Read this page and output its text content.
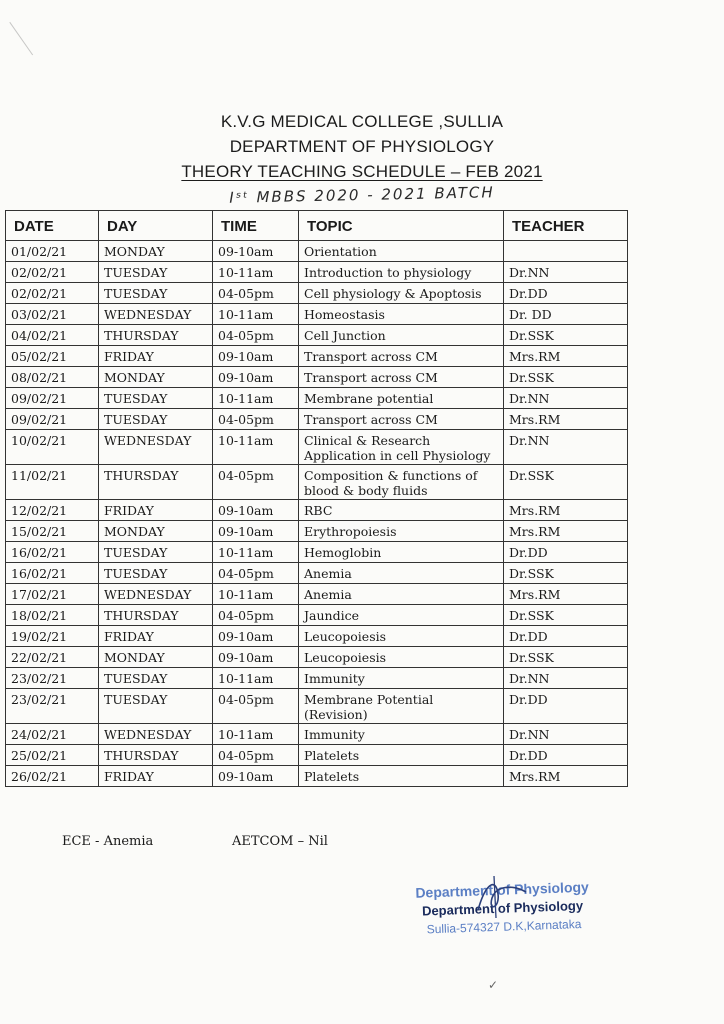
K.V.G MEDICAL COLLEGE ,SULLIA
DEPARTMENT OF PHYSIOLOGY
THEORY TEACHING SCHEDULE – FEB 2021
Iˢᵗ MBBS 2020 - 2021 BATCH
DATE	DAY	TIME	TOPIC	TEACHER
01/02/21	MONDAY	09-10am	Orientation	
02/02/21	TUESDAY	10-11am	Introduction to physiology	Dr.NN
02/02/21	TUESDAY	04-05pm	Cell physiology & Apoptosis	Dr.DD
03/02/21	WEDNESDAY	10-11am	Homeostasis	Dr. DD
04/02/21	THURSDAY	04-05pm	Cell Junction	Dr.SSK
05/02/21	FRIDAY	09-10am	Transport across CM	Mrs.RM
08/02/21	MONDAY	09-10am	Transport across CM	Dr.SSK
09/02/21	TUESDAY	10-11am	Membrane potential	Dr.NN
09/02/21	TUESDAY	04-05pm	Transport across CM	Mrs.RM
10/02/21	WEDNESDAY	10-11am	Clinical & Research Application in cell Physiology	Dr.NN
11/02/21	THURSDAY	04-05pm	Composition & functions of blood & body fluids	Dr.SSK
12/02/21	FRIDAY	09-10am	RBC	Mrs.RM
15/02/21	MONDAY	09-10am	Erythropoiesis	Mrs.RM
16/02/21	TUESDAY	10-11am	Hemoglobin	Dr.DD
16/02/21	TUESDAY	04-05pm	Anemia	Dr.SSK
17/02/21	WEDNESDAY	10-11am	Anemia	Mrs.RM
18/02/21	THURSDAY	04-05pm	Jaundice	Dr.SSK
19/02/21	FRIDAY	09-10am	Leucopoiesis	Dr.DD
22/02/21	MONDAY	09-10am	Leucopoiesis	Dr.SSK
23/02/21	TUESDAY	10-11am	Immunity	Dr.NN
23/02/21	TUESDAY	04-05pm	Membrane Potential (Revision)	Dr.DD
24/02/21	WEDNESDAY	10-11am	Immunity	Dr.NN
25/02/21	THURSDAY	04-05pm	Platelets	Dr.DD
26/02/21	FRIDAY	09-10am	Platelets	Mrs.RM
ECE - Anemia	AETCOM – Nil
Department of Physiology
Department of Physiology
Sullia-574327 D.K,Karnataka
✓
